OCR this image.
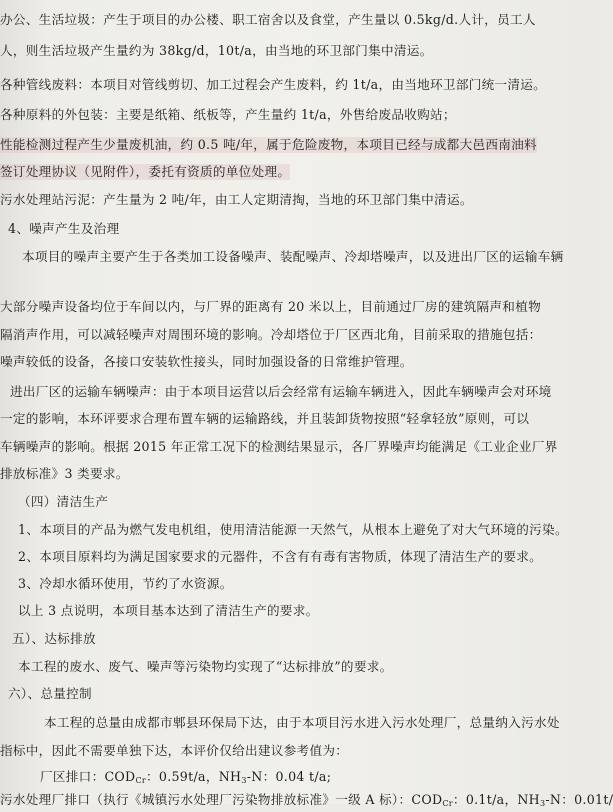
办公、生活垃圾：产生于项目的办公楼、职工宿舍以及食堂，产生量以 0.5kg/d.人计，员工人
人，则生活垃圾产生量约为 38kg/d，10t/a，由当地的环卫部门集中清运。
各种管线废料：本项目对管线剪切、加工过程会产生废料，约 1t/a，由当地环卫部门统一清运。
各种原料的外包装：主要是纸箱、纸板等，产生量约 1t/a，外售给废品收购站；
性能检测过程产生少量废机油，约 0.5 吨/年，属于危险废物，本项目已经与成都大邑西南油料
签订处理协议（见附件），委托有资质的单位处理。
污水处理站污泥：产生量为 2 吨/年，由工人定期清掏，当地的环卫部门集中清运。
4、噪声产生及治理
本项目的噪声主要产生于各类加工设备噪声、装配噪声、冷却塔噪声，以及进出厂区的运输车辆
大部分噪声设备均位于车间以内，与厂界的距离有 20 米以上，目前通过厂房的建筑隔声和植物
隔消声作用，可以减轻噪声对周围环境的影响。冷却塔位于厂区西北角，目前采取的措施包括：
噪声较低的设备，各接口安装软性接头，同时加强设备的日常维护管理。
进出厂区的运输车辆噪声：由于本项目运营以后会经常有运输车辆进入，因此车辆噪声会对环境
一定的影响，本环评要求合理布置车辆的运输路线，并且装卸货物按照“轻拿轻放”原则，可以
车辆噪声的影响。根据 2015 年正常工况下的检测结果显示，各厂界噪声均能满足《工业企业厂界
排放标准》3 类要求。
（四）清洁生产
1、本项目的产品为燃气发电机组，使用清洁能源一天然气，从根本上避免了对大气环境的污染。
2、本项目原料均为满足国家要求的元器件，不含有有毒有害物质，体现了清洁生产的要求。
3、冷却水循环使用，节约了水资源。
以上 3 点说明，本项目基本达到了清洁生产的要求。
五）、达标排放
本工程的废水、废气、噪声等污染物均实现了“达标排放”的要求。
六）、总量控制
本工程的总量由成都市郫县环保局下达，由于本项目污水进入污水处理厂，总量纳入污水处
指标中，因此不需要单独下达，本评价仅给出建议参考值为：
厂区排口：$COD_{Cr}$：0.59t/a，$NH_3-N$：0.04 t/a;
污水处理厂排口（执行《城镇污水处理厂污染物排放标准》一级 A 标）：$COD_{Cr}$：0.1t/a，$NH_3-N$：0.01t/
